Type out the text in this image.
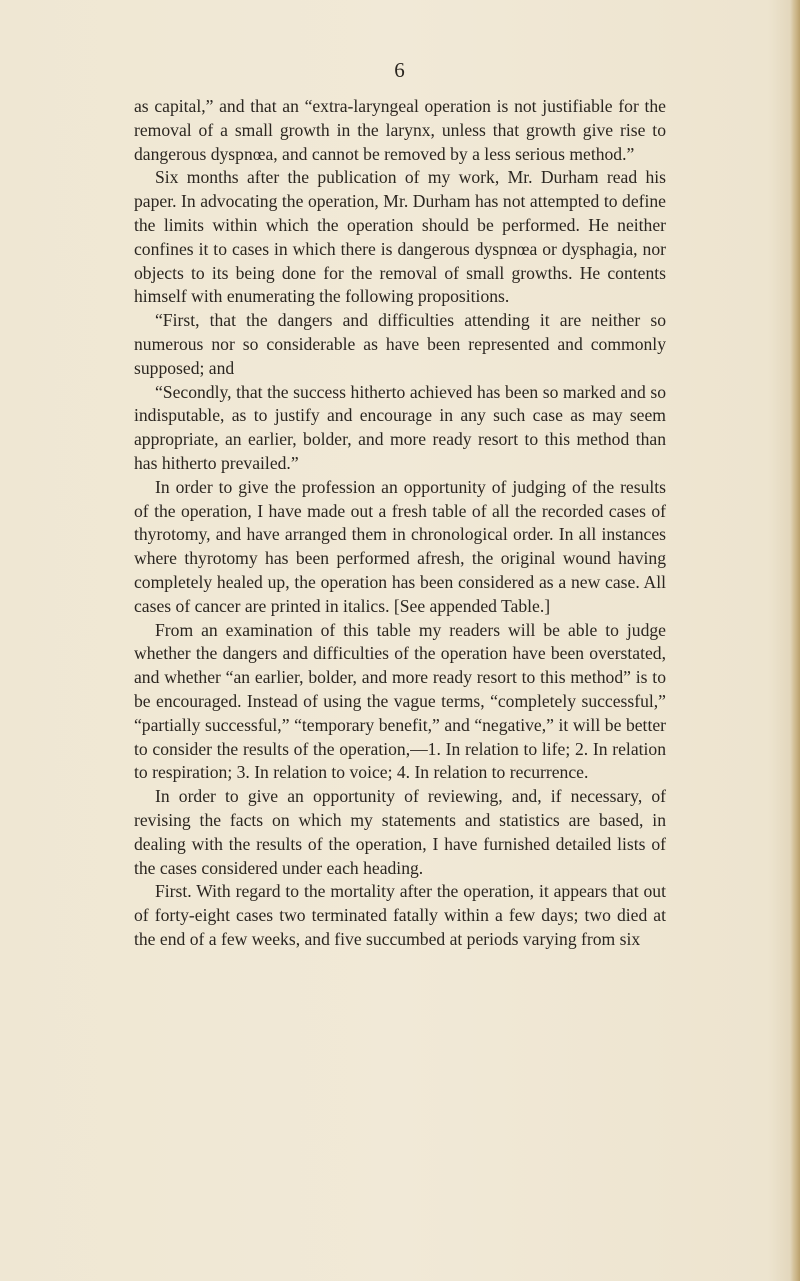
6

as capital,” and that an “extra-laryngeal operation is not justifiable for the removal of a small growth in the larynx, unless that growth give rise to dangerous dyspnœa, and cannot be removed by a less serious method.”

Six months after the publication of my work, Mr. Durham read his paper. In advocating the operation, Mr. Durham has not attempted to define the limits within which the operation should be performed. He neither confines it to cases in which there is dangerous dyspnœa or dysphagia, nor objects to its being done for the removal of small growths. He contents himself with enumerating the following propositions.

“First, that the dangers and difficulties attending it are neither so numerous nor so considerable as have been represented and commonly supposed; and

“Secondly, that the success hitherto achieved has been so marked and so indisputable, as to justify and encourage in any such case as may seem appropriate, an earlier, bolder, and more ready resort to this method than has hitherto prevailed.”

In order to give the profession an opportunity of judging of the results of the operation, I have made out a fresh table of all the recorded cases of thyrotomy, and have arranged them in chronological order. In all instances where thyrotomy has been performed afresh, the original wound having completely healed up, the operation has been considered as a new case. All cases of cancer are printed in italics. [See appended Table.]

From an examination of this table my readers will be able to judge whether the dangers and difficulties of the operation have been overstated, and whether “an earlier, bolder, and more ready resort to this method” is to be encouraged. Instead of using the vague terms, “completely successful,” “partially successful,” “temporary benefit,” and “negative,” it will be better to consider the results of the operation,—1. In relation to life; 2. In relation to respiration; 3. In relation to voice; 4. In relation to recurrence.

In order to give an opportunity of reviewing, and, if necessary, of revising the facts on which my statements and statistics are based, in dealing with the results of the operation, I have furnished detailed lists of the cases considered under each heading.

First. With regard to the mortality after the operation, it appears that out of forty-eight cases two terminated fatally within a few days; two died at the end of a few weeks, and five succumbed at periods varying from six
